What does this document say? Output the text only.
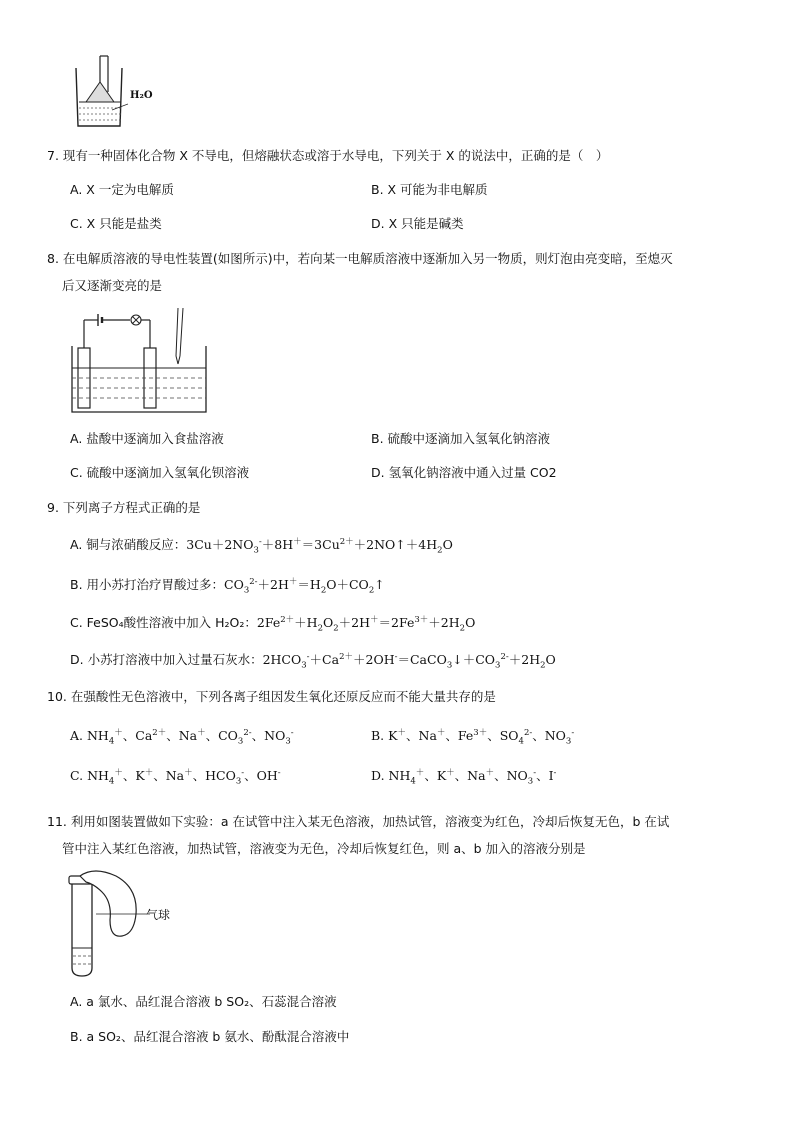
H₂O
7. 现有一种固体化合物 X 不导电，但熔融状态或溶于水导电，下列关于 X 的说法中，正确的是（　）
A. X 一定为电解质	B. X 可能为非电解质
C. X 只能是盐类	D. X 只能是碱类
8. 在电解质溶液的导电性装置(如图所示)中，若向某一电解质溶液中逐渐加入另一物质，则灯泡由亮变暗，至熄灭
后又逐渐变亮的是
A. 盐酸中逐滴加入食盐溶液	B. 硫酸中逐滴加入氢氧化钠溶液
C. 硫酸中逐滴加入氢氧化钡溶液	D. 氢氧化钠溶液中通入过量 CO2
9. 下列离子方程式正确的是
A. 铜与浓硝酸反应：$3Cu+2NO_3^-+8H^+=3Cu^{2+}+2NO↑+4H_2O$
B. 用小苏打治疗胃酸过多：$CO_3^{2-}+2H^+=H_2O+CO_2↑$
C. FeSO₄酸性溶液中加入 H₂O₂：$2Fe^{2+}+H_2O_2+2H^+=2Fe^{3+}+2H_2O$
D. 小苏打溶液中加入过量石灰水：$2HCO_3^-+Ca^{2+}+2OH^-=CaCO_3↓+CO_3^{2-}+2H_2O$
10. 在强酸性无色溶液中，下列各离子组因发生氧化还原反应而不能大量共存的是
A. $NH_4^+$、$Ca^{2+}$、Na＋、$CO_3^{2-}$、$NO_3^-$	B. K＋、Na＋、$Fe^{3+}$、$SO_4^{2-}$、$NO_3^-$
C. $NH_4^+$、K＋、Na＋、$HCO_3^-$、OH-	D. $NH_4^+$、K＋、Na＋、$NO_3^-$、I-
11. 利用如图装置做如下实验：a 在试管中注入某无色溶液，加热试管，溶液变为红色，冷却后恢复无色，b 在试
管中注入某红色溶液，加热试管，溶液变为无色，冷却后恢复红色，则 a、b 加入的溶液分别是
气球
A. a 氯水、品红混合溶液 b SO₂、石蕊混合溶液
B. a SO₂、品红混合溶液 b 氨水、酚酞混合溶液中
